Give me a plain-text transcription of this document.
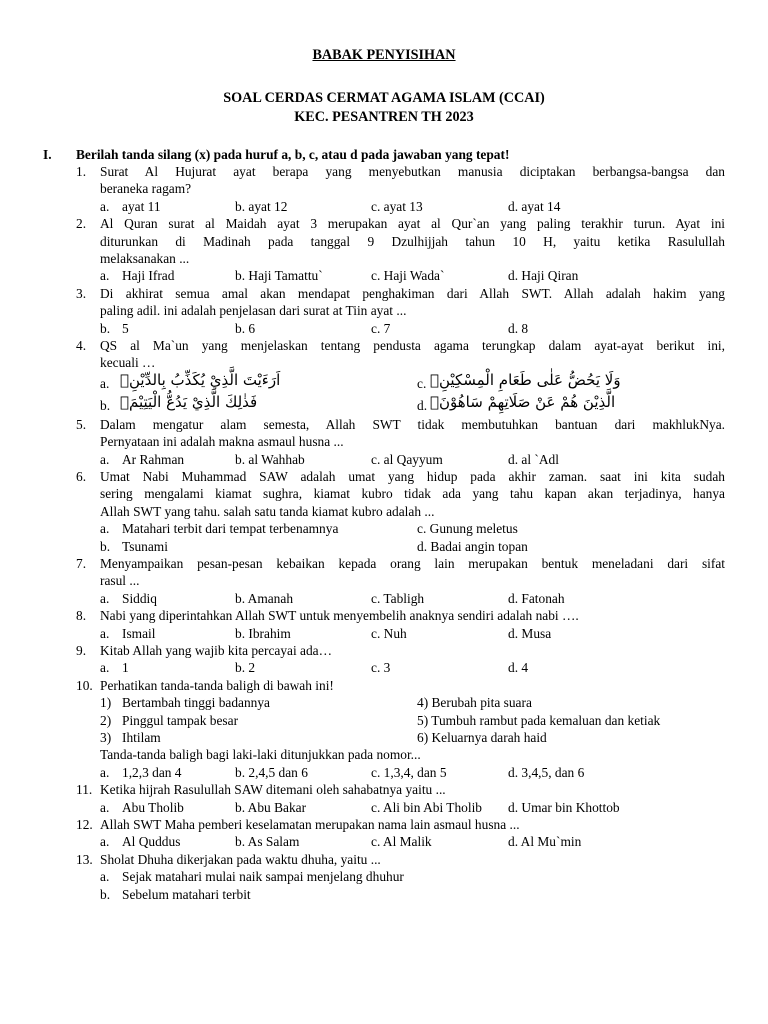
BABAK PENYISIHAN
SOAL CERDAS CERMAT AGAMA ISLAM (CCAI)
KEC. PESANTREN TH 2023
I. Berilah tanda silang (x) pada huruf a, b, c, atau d pada jawaban yang tepat!
1. Surat Al Hujurat ayat berapa yang menyebutkan manusia diciptakan berbangsa-bangsa dan
beraneka ragam?
a. ayat 11	b. ayat 12	c. ayat 13	d. ayat 14
2. Al Quran surat al Maidah ayat 3 merupakan ayat al Qur`an yang paling terakhir turun. Ayat ini
diturunkan di Madinah pada tanggal 9 Dzulhijjah tahun 10 H, yaitu ketika Rasulullah
melaksanakan ...
a. Haji Ifrad	b. Haji Tamattu`	c. Haji Wada`	d. Haji Qiran
3. Di akhirat semua amal akan mendapat penghakiman dari Allah SWT. Allah adalah hakim yang
paling adil. ini adalah penjelasan dari surat at Tiin ayat ...
b. 5	b. 6	c. 7	d. 8
4. QS al Ma`un yang menjelaskan tentang pendusta agama terungkap dalam ayat-ayat berikut ini,
kecuali …
a. اَرَءَيْتَ الَّذِيْ يُكَذِّبُ بِالدِّيْنِۗ	c. وَلَا يَحُضُّ عَلٰى طَعَامِ الْمِسْكِيْنِۗ
b. فَذٰلِكَ الَّذِيْ يَدُعُّ الْيَتِيْمَۙ	d. الَّذِيْنَ هُمْ عَنْ صَلَاتِهِمْ سَاهُوْنَۙ
5. Dalam mengatur alam semesta, Allah SWT tidak membutuhkan bantuan dari makhlukNya.
Pernyataan ini adalah makna asmaul husna ...
a. Ar Rahman	b. al Wahhab	c. al Qayyum	d. al `Adl
6. Umat Nabi Muhammad SAW adalah umat yang hidup pada akhir zaman. saat ini kita sudah
sering mengalami kiamat sughra, kiamat kubro tidak ada yang tahu kapan akan terjadinya, hanya
Allah SWT yang tahu. salah satu tanda kiamat kubro adalah ...
a. Matahari terbit dari tempat terbenamnya	c. Gunung meletus
b. Tsunami	d. Badai angin topan
7. Menyampaikan pesan-pesan kebaikan kepada orang lain merupakan bentuk meneladani dari sifat
rasul ...
a. Siddiq	b. Amanah	c. Tabligh	d. Fatonah
8. Nabi yang diperintahkan Allah SWT untuk menyembelih anaknya sendiri adalah nabi ….
a. Ismail	b. Ibrahim	c. Nuh	d. Musa
9. Kitab Allah yang wajib kita percayai ada…
a. 1	b. 2	c. 3	d. 4
10. Perhatikan tanda-tanda baligh di bawah ini!
1) Bertambah tinggi badannya	4) Berubah pita suara
2) Pinggul tampak besar	5) Tumbuh rambut pada kemaluan dan ketiak
3) Ihtilam	6) Keluarnya darah haid
Tanda-tanda baligh bagi laki-laki ditunjukkan pada nomor...
a. 1,2,3 dan 4	b. 2,4,5 dan 6	c. 1,3,4, dan 5	d. 3,4,5, dan 6
11. Ketika hijrah Rasulullah SAW ditemani oleh sahabatnya yaitu ...
a. Abu Tholib	b. Abu Bakar	c. Ali bin Abi Tholib d. Umar bin Khottob
12. Allah SWT Maha pemberi keselamatan merupakan nama lain asmaul husna ...
a. Al Quddus	b. As Salam	c. Al Malik	d. Al Mu`min
13. Sholat Dhuha dikerjakan pada waktu dhuha, yaitu ...
a. Sejak matahari mulai naik sampai menjelang dhuhur
b. Sebelum matahari terbit
